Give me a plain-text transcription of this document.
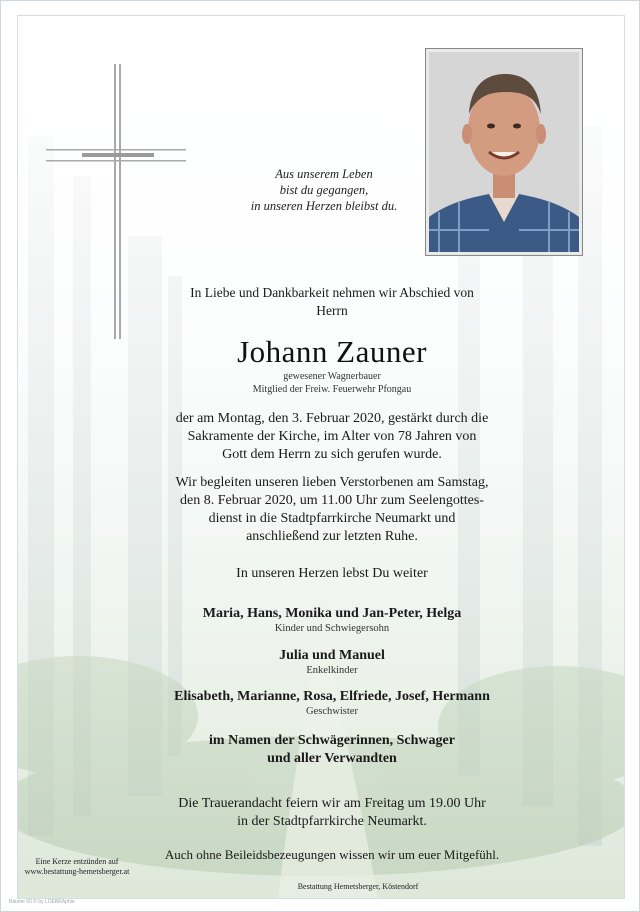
Aus unserem Leben
bist du gegangen,
in unseren Herzen bleibst du.
In Liebe und Dankbarkeit nehmen wir Abschied von
Herrn
Johann Zauner
gewesener Wagnerbauer
Mitglied der Freiw. Feuerwehr Pfongau
der am Montag, den 3. Februar 2020, gestärkt durch die
Sakramente der Kirche, im Alter von 78 Jahren von
Gott dem Herrn zu sich gerufen wurde.
Wir begleiten unseren lieben Verstorbenen am Samstag,
den 8. Februar 2020, um 11.00 Uhr zum Seelengottes-
dienst in die Stadtpfarrkirche Neumarkt und
anschließend zur letzten Ruhe.
In unseren Herzen lebst Du weiter
Maria, Hans, Monika und Jan-Peter, Helga
Kinder und Schwiegersohn
Julia und Manuel
Enkelkinder
Elisabeth, Marianne, Rosa, Elfriede, Josef, Hermann
Geschwister
im Namen der Schwägerinnen, Schwager
und aller Verwandten
Die Trauerandacht feiern wir am Freitag um 19.00 Uhr
in der Stadtpfarrkirche Neumarkt.
Auch ohne Beileidsbezeugungen wissen wir um euer Mitgefühl.
Bestattung Hemetsberger, Köstendorf
Eine Kerze entzünden auf
www.bestattung-hemetsberger.at
Bäume 50 © by LOEBRAphie
